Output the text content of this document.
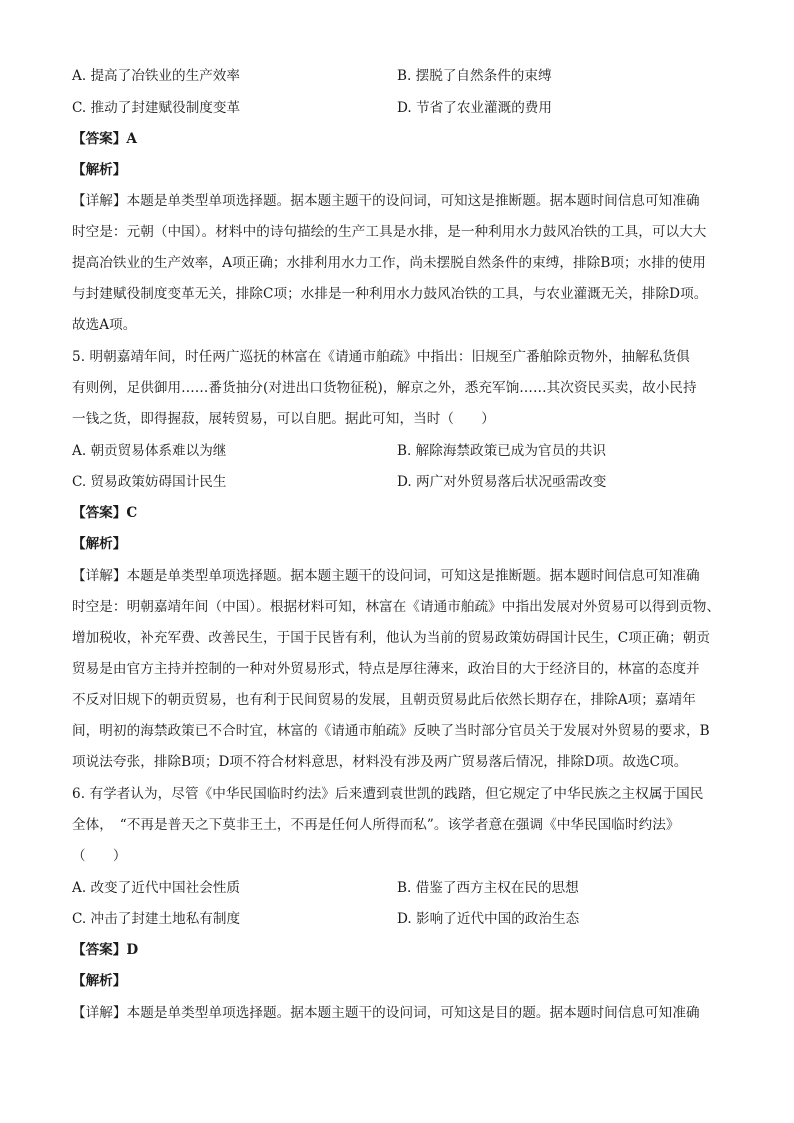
A. 提高了冶铁业的生产效率	B. 摆脱了自然条件的束缚
C. 推动了封建赋役制度变革	D. 节省了农业灌溉的费用
【答案】A
【解析】
【详解】本题是单类型单项选择题。据本题主题干的设问词，可知这是推断题。据本题时间信息可知准确
时空是：元朝（中国）。材料中的诗句描绘的生产工具是水排，是一种利用水力鼓风冶铁的工具，可以大大
提高冶铁业的生产效率，A项正确；水排利用水力工作，尚未摆脱自然条件的束缚，排除B项；水排的使用
与封建赋役制度变革无关，排除C项；水排是一种利用水力鼓风冶铁的工具，与农业灌溉无关，排除D项。
故选A项。
5. 明朝嘉靖年间，时任两广巡抚的林富在《请通市舶疏》中指出：旧规至广番舶除贡物外，抽解私货俱
有则例，足供御用……番货抽分(对进出口货物征税)，解京之外，悉充军饷……其次资民买卖，故小民持
一钱之货，即得握菽，展转贸易，可以自肥。据此可知，当时（　　）
A. 朝贡贸易体系难以为继	B. 解除海禁政策已成为官员的共识
C. 贸易政策妨碍国计民生	D. 两广对外贸易落后状况亟需改变
【答案】C
【解析】
【详解】本题是单类型单项选择题。据本题主题干的设问词，可知这是推断题。据本题时间信息可知准确
时空是：明朝嘉靖年间（中国）。根据材料可知，林富在《请通市舶疏》中指出发展对外贸易可以得到贡物、
增加税收，补充军费、改善民生，于国于民皆有利，他认为当前的贸易政策妨碍国计民生，C项正确；朝贡
贸易是由官方主持并控制的一种对外贸易形式，特点是厚往薄来，政治目的大于经济目的，林富的态度并
不反对旧规下的朝贡贸易，也有利于民间贸易的发展，且朝贡贸易此后依然长期存在，排除A项；嘉靖年
间，明初的海禁政策已不合时宜，林富的《请通市舶疏》反映了当时部分官员关于发展对外贸易的要求，B
项说法夸张，排除B项；D项不符合材料意思，材料没有涉及两广贸易落后情况，排除D项。故选C项。
6. 有学者认为，尽管《中华民国临时约法》后来遭到袁世凯的践踏，但它规定了中华民族之主权属于国民
全体，　“不再是普天之下莫非王土，不再是任何人所得而私”。该学者意在强调《中华民国临时约法》
（　　）
A. 改变了近代中国社会性质	B. 借鉴了西方主权在民的思想
C. 冲击了封建土地私有制度	D. 影响了近代中国的政治生态
【答案】D
【解析】
【详解】本题是单类型单项选择题。据本题主题干的设问词，可知这是目的题。据本题时间信息可知准确
